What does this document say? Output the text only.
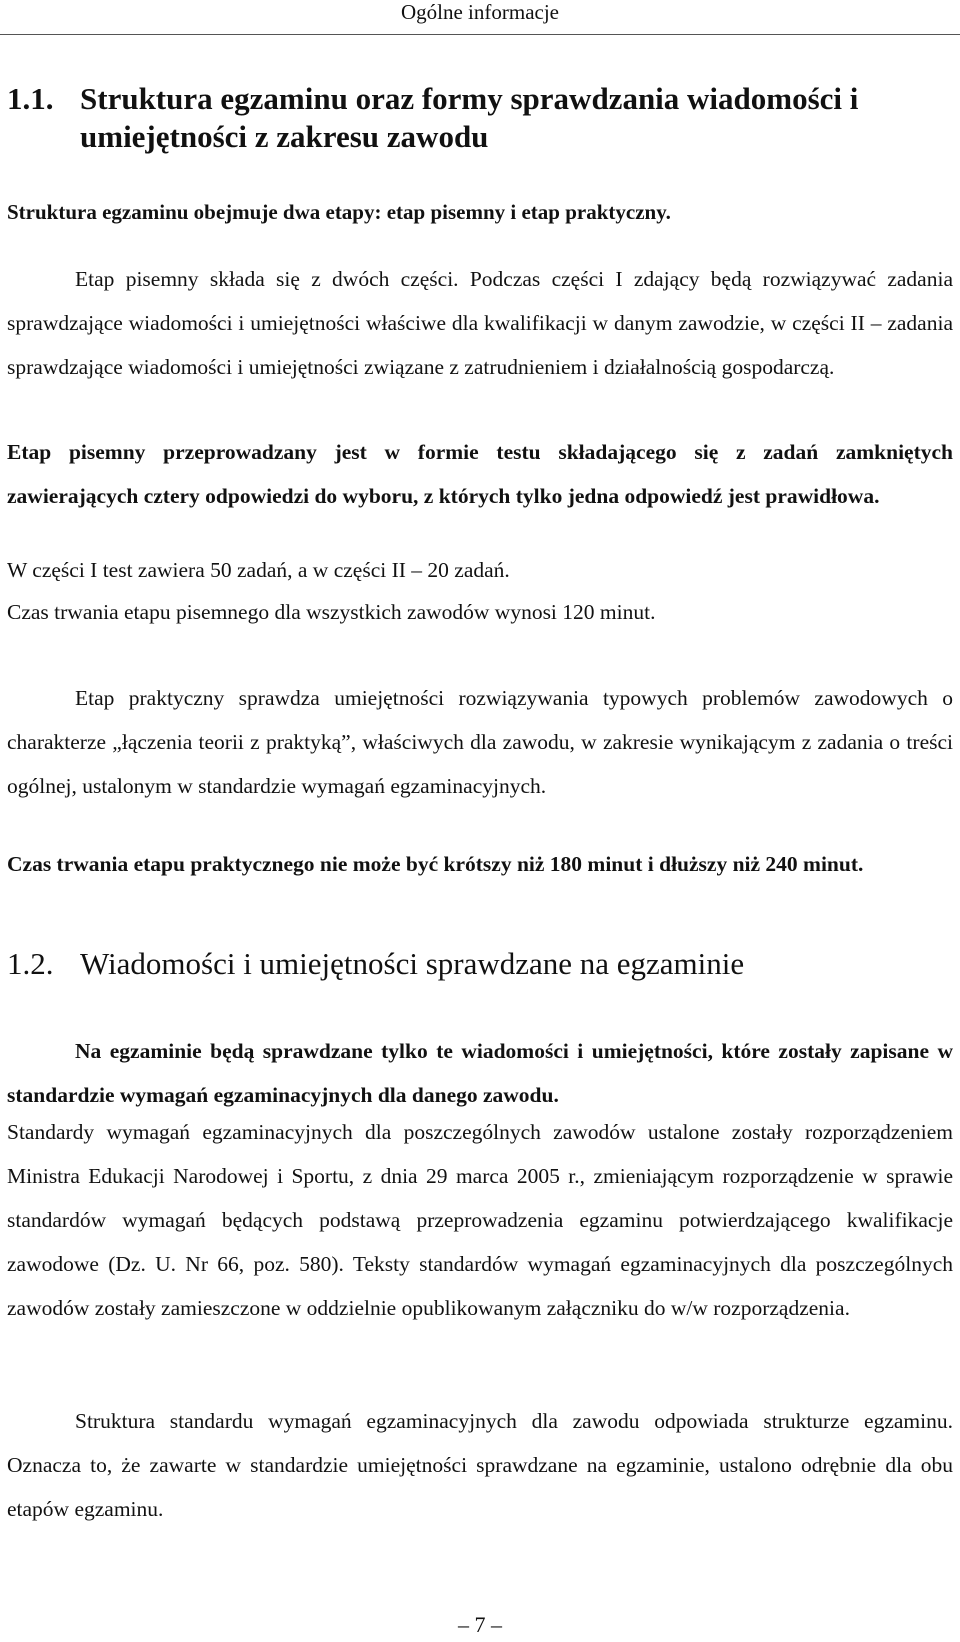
Ogólne informacje
1.1. Struktura egzaminu oraz formy sprawdzania wiadomości i umiejętności z zakresu zawodu

Struktura egzaminu obejmuje dwa etapy: etap pisemny i etap praktyczny.

Etap pisemny składa się z dwóch części. Podczas części I zdający będą rozwiązywać zadania sprawdzające wiadomości i umiejętności właściwe dla kwalifikacji w danym zawodzie, w części II – zadania sprawdzające wiadomości i umiejętności związane z zatrudnieniem i działalnością gospodarczą.

Etap pisemny przeprowadzany jest w formie testu składającego się z zadań zamkniętych zawierających cztery odpowiedzi do wyboru, z których tylko jedna odpowiedź jest prawidłowa.

W części I test zawiera 50 zadań, a w części II – 20 zadań.

Czas trwania etapu pisemnego dla wszystkich zawodów wynosi 120 minut.

Etap praktyczny sprawdza umiejętności rozwiązywania typowych problemów zawodowych o charakterze „łączenia teorii z praktyką”, właściwych dla zawodu, w zakresie wynikającym z zadania o treści ogólnej, ustalonym w standardzie wymagań egzaminacyjnych.

Czas trwania etapu praktycznego nie może być krótszy niż 180 minut i dłuższy niż 240 minut.

1.2. Wiadomości i umiejętności sprawdzane na egzaminie

Na egzaminie będą sprawdzane tylko te wiadomości i umiejętności, które zostały zapisane w standardzie wymagań egzaminacyjnych dla danego zawodu.

Standardy wymagań egzaminacyjnych dla poszczególnych zawodów ustalone zostały rozporządzeniem Ministra Edukacji Narodowej i Sportu, z dnia 29 marca 2005 r., zmieniającym rozporządzenie w sprawie standardów wymagań będących podstawą przeprowadzenia egzaminu potwierdzającego kwalifikacje zawodowe (Dz. U. Nr 66, poz. 580). Teksty standardów wymagań egzaminacyjnych dla poszczególnych zawodów zostały zamieszczone w oddzielnie opublikowanym załączniku do w/w rozporządzenia.

Struktura standardu wymagań egzaminacyjnych dla zawodu odpowiada strukturze egzaminu. Oznacza to, że zawarte w standardzie umiejętności sprawdzane na egzaminie, ustalono odrębnie dla obu etapów egzaminu.

– 7 –
